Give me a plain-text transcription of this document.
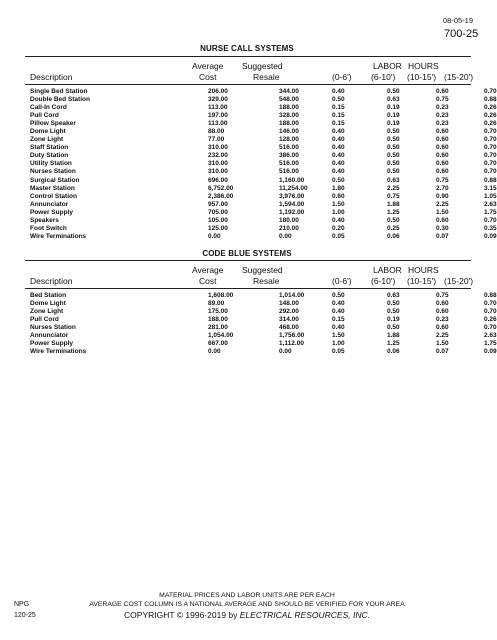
08-05-19
700-25
NURSE CALL SYSTEMS
LABOR HOURS
Average Suggested
Description	Cost	Resale	(0-6') (6-10') (10-15') (15-20')
Single Bed Station	206.00	344.00	0.40	0.50	0.60	0.70
Double Bed Station	329.00	548.00	0.50	0.63	0.75	0.88
Call-In Cord	113.00	188.00	0.15	0.19	0.23	0.26
Pull Cord	197.00	328.00	0.15	0.19	0.23	0.26
Pillow Speaker	113.00	188.00	0.15	0.19	0.23	0.26
Dome Light	88.00	146.00	0.40	0.50	0.60	0.70
Zone Light	77.00	128.00	0.40	0.50	0.60	0.70
Staff Station	310.00	516.00	0.40	0.50	0.60	0.70
Duty Station	232.00	386.00	0.40	0.50	0.60	0.70
Utility Station	310.00	516.00	0.40	0.50	0.60	0.70
Nurses Station	310.00	516.00	0.40	0.50	0.60	0.70
Surgical Station	696.00	1,160.00	0.50	0.63	0.75	0.88
Master Station	6,752.00	11,254.00	1.80	2.25	2.70	3.15
Control Station	2,386.00	3,976.00	0.60	0.75	0.90	1.05
Annunciator	957.00	1,594.00	1.50	1.88	2.25	2.63
Power Supply	705.00	1,192.00	1.00	1.25	1.50	1.75
Speakers	105.00	180.00	0.40	0.50	0.60	0.70
Foot Switch	125.00	210.00	0.20	0.25	0.30	0.35
Wire Terminations	0.00	0.00	0.05	0.06	0.07	0.09
CODE BLUE SYSTEMS
LABOR HOURS
Average Suggested
Description	Cost	Resale	(0-6') (6-10') (10-15') (15-20')
Bed Station	1,608.00	1,014.00	0.50	0.63	0.75	0.88
Dome Light	89.00	148.00	0.40	0.50	0.60	0.70
Zone Light	175.00	292.00	0.40	0.50	0.60	0.70
Pull Cord	188.00	314.00	0.15	0.19	0.23	0.26
Nurses Station	281.00	468.00	0.40	0.50	0.60	0.70
Annunciator	1,054.00	1,756.00	1.50	1.88	2.25	2.63
Power Supply	667.00	1,112.00	1.00	1.25	1.50	1.75
Wire Terminations	0.00	0.00	0.05	0.06	0.07	0.09
NPG
120-25
MATERIAL PRICES AND LABOR UNITS ARE PER EACH
AVERAGE COST COLUMN IS A NATIONAL AVERAGE AND SHOULD BE VERIFIED FOR YOUR AREA
COPYRIGHT © 1996-2019 by ELECTRICAL RESOURCES, INC.
